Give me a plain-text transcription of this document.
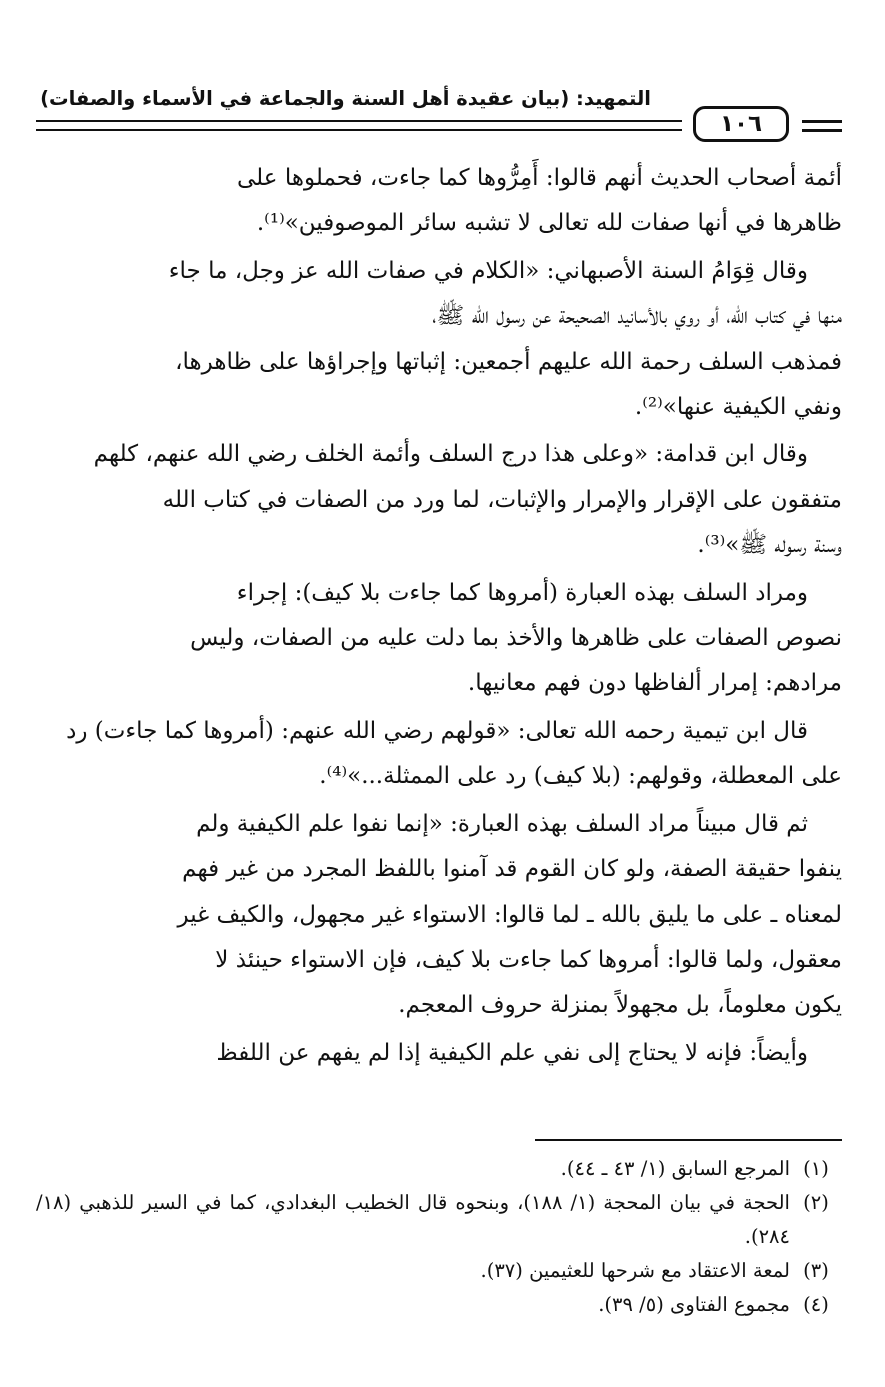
التمهيد: (بيان عقيدة أهل السنة والجماعة في الأسماء والصفات)
١٠٦

أئمة أصحاب الحديث أنهم قالوا: أَمِرُّوها كما جاءت، فحملوها على
ظاهرها في أنها صفات لله تعالى لا تشبه سائر الموصوفين»⁽¹⁾.

وقال قِوَامُ السنة الأصبهاني: «الكلام في صفات الله عز وجل، ما جاء
منها في كتاب الله، أو روي بالأسانيد الصحيحة عن رسول الله ﷺ،
فمذهب السلف رحمة الله عليهم أجمعين: إثباتها وإجراؤها على ظاهرها،
ونفي الكيفية عنها»⁽²⁾.

وقال ابن قدامة: «وعلى هذا درج السلف وأئمة الخلف رضي الله عنهم، كلهم
متفقون على الإقرار والإمرار والإثبات، لما ورد من الصفات في كتاب الله
وسنة رسوله ﷺ»⁽³⁾.

ومراد السلف بهذه العبارة (أمروها كما جاءت بلا كيف): إجراء
نصوص الصفات على ظاهرها والأخذ بما دلت عليه من الصفات، وليس
مرادهم: إمرار ألفاظها دون فهم معانيها.

قال ابن تيمية رحمه الله تعالى: «قولهم رضي الله عنهم: (أمروها كما جاءت) رد
على المعطلة، وقولهم: (بلا كيف) رد على الممثلة...»⁽⁴⁾.

ثم قال مبيناً مراد السلف بهذه العبارة: «إنما نفوا علم الكيفية ولم
ينفوا حقيقة الصفة، ولو كان القوم قد آمنوا باللفظ المجرد من غير فهم
لمعناه ـ على ما يليق بالله ـ لما قالوا: الاستواء غير مجهول، والكيف غير
معقول، ولما قالوا: أمروها كما جاءت بلا كيف، فإن الاستواء حينئذ لا
يكون معلوماً، بل مجهولاً بمنزلة حروف المعجم.

وأيضاً: فإنه لا يحتاج إلى نفي علم الكيفية إذا لم يفهم عن اللفظ

(١)
المرجع السابق (١/ ٤٣ ـ ٤٤).
(٢)
الحجة في بيان المحجة (١/ ١٨٨)، وبنحوه قال الخطيب البغدادي، كما في السير للذهبي (١٨/ ٢٨٤).
(٣)
لمعة الاعتقاد مع شرحها للعثيمين (٣٧).
(٤)
مجموع الفتاوى (٥/ ٣٩).
